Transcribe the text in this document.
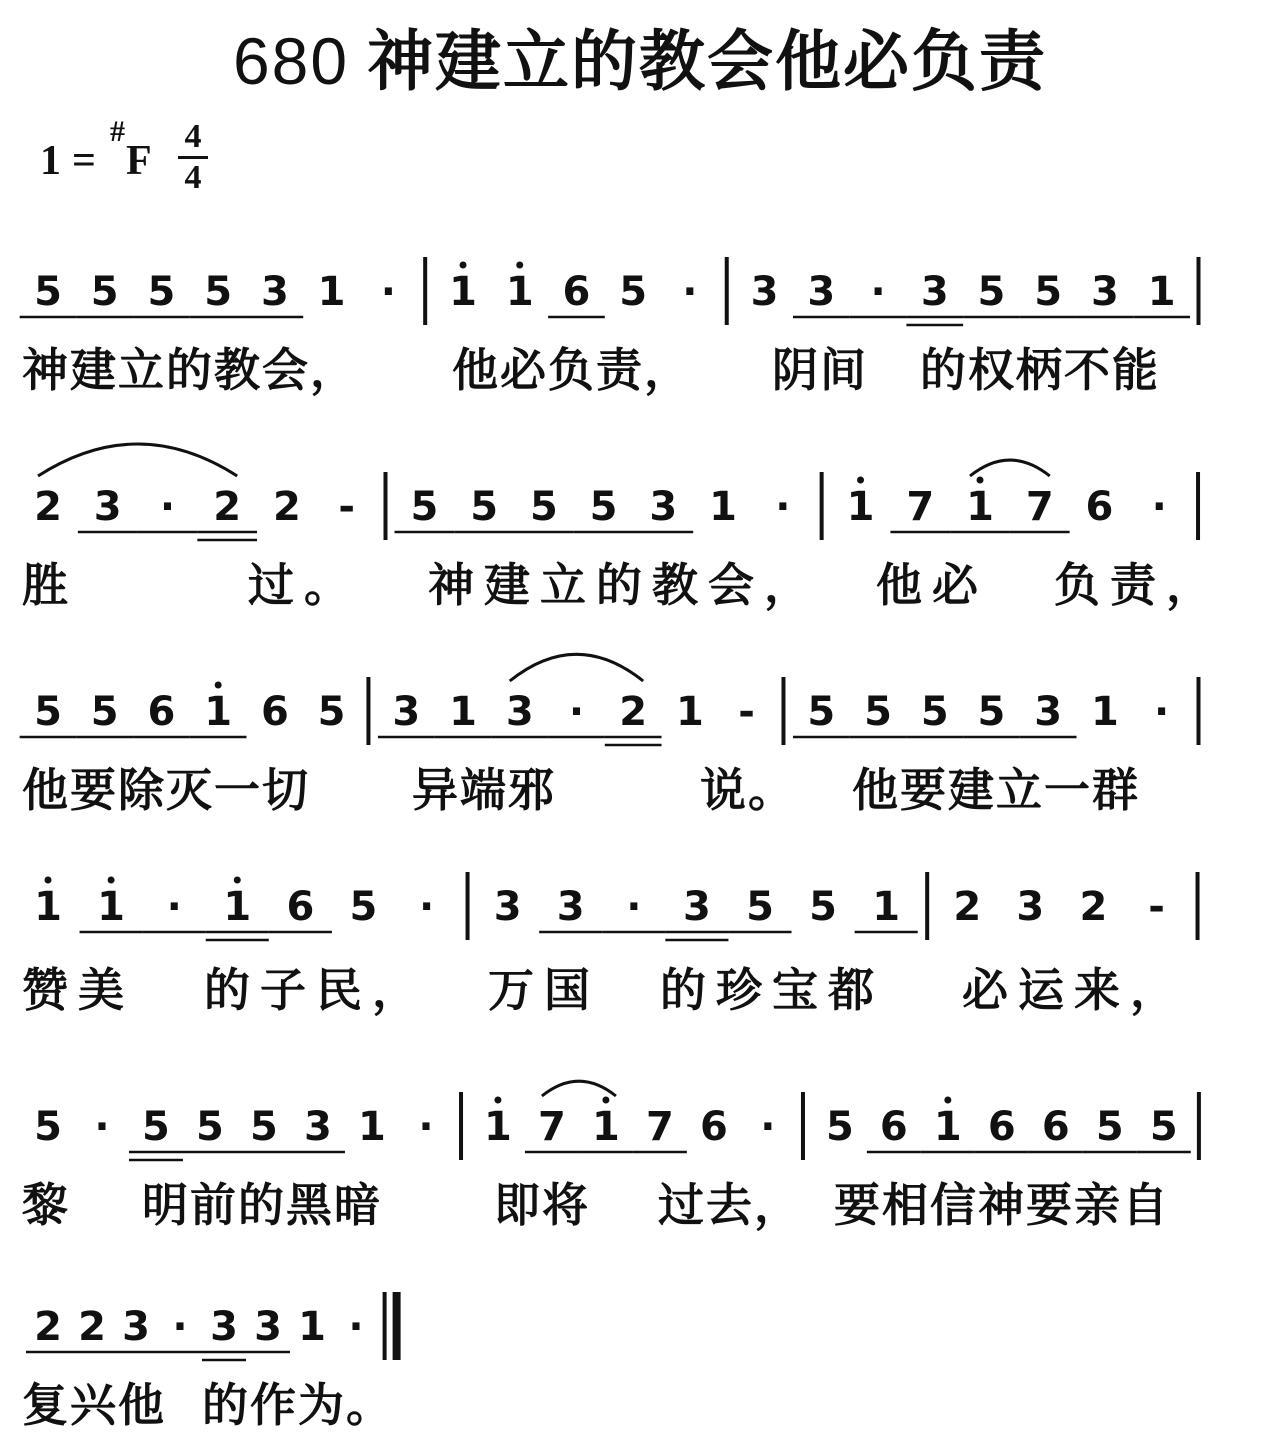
680 神建立的教会他必负责
1 =
#
F
4
4
5 5 5 5 3 1 · 1 1 6 5 · 3 3 · 3 5 5 3 1
2 3 · 2 2 - 5 5 5 5 3 1 · 1 7 1 7 6 ·
5 5 6 1 6 5 3 1 3 · 2 1 - 5 5 5 5 3 1 ·
1 1 · 1 6 5 · 3 3 · 3 5 5 1 2 3 2 -
5 · 5 5 5 3 1 · 1 7 1 7 6 · 5 6 1 6 6 5 5
2 2 3 · 3 3 1 ·
神建立的教会， 他必负责， 阴间 的权柄不能
胜	过。 神建立的教会， 他必 负责，
他要除灭一切 异端邪	说。 他要建立一群
赞美 的子民， 万国 的珍宝都 必运来，
黎 明前的黑暗 即将 过去， 要相信神要亲自
复兴他 的作为。
